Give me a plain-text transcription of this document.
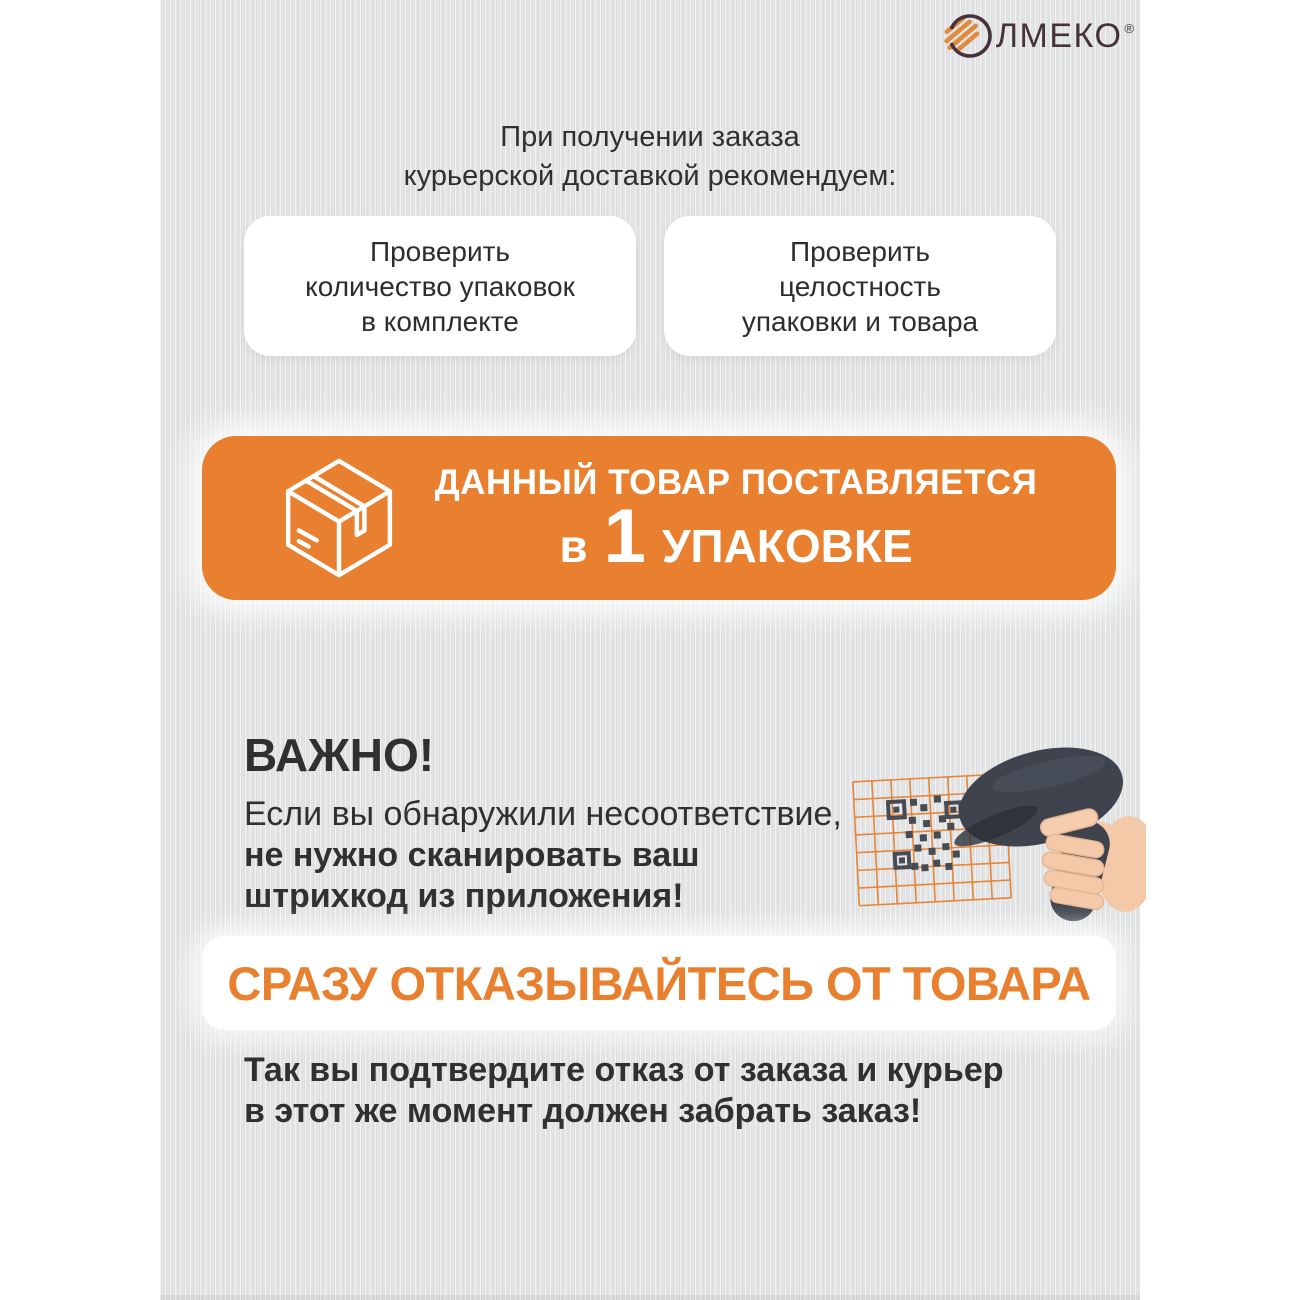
ЛМЕКО ®
При получении заказа
курьерской доставкой рекомендуем:
Проверить
количество упаковок
в комплекте
Проверить
целостность
упаковки и товара
ДАННЫЙ ТОВАР ПОСТАВЛЯЕТСЯ
в 1 УПАКОВКЕ
ВАЖНО!
Если вы обнаружили несоответствие,
не нужно сканировать ваш
штрихкод из приложения!
СРАЗУ ОТКАЗЫВАЙТЕСЬ ОТ ТОВАРА
Так вы подтвердите отказ от заказа и курьер
в этот же момент должен забрать заказ!
